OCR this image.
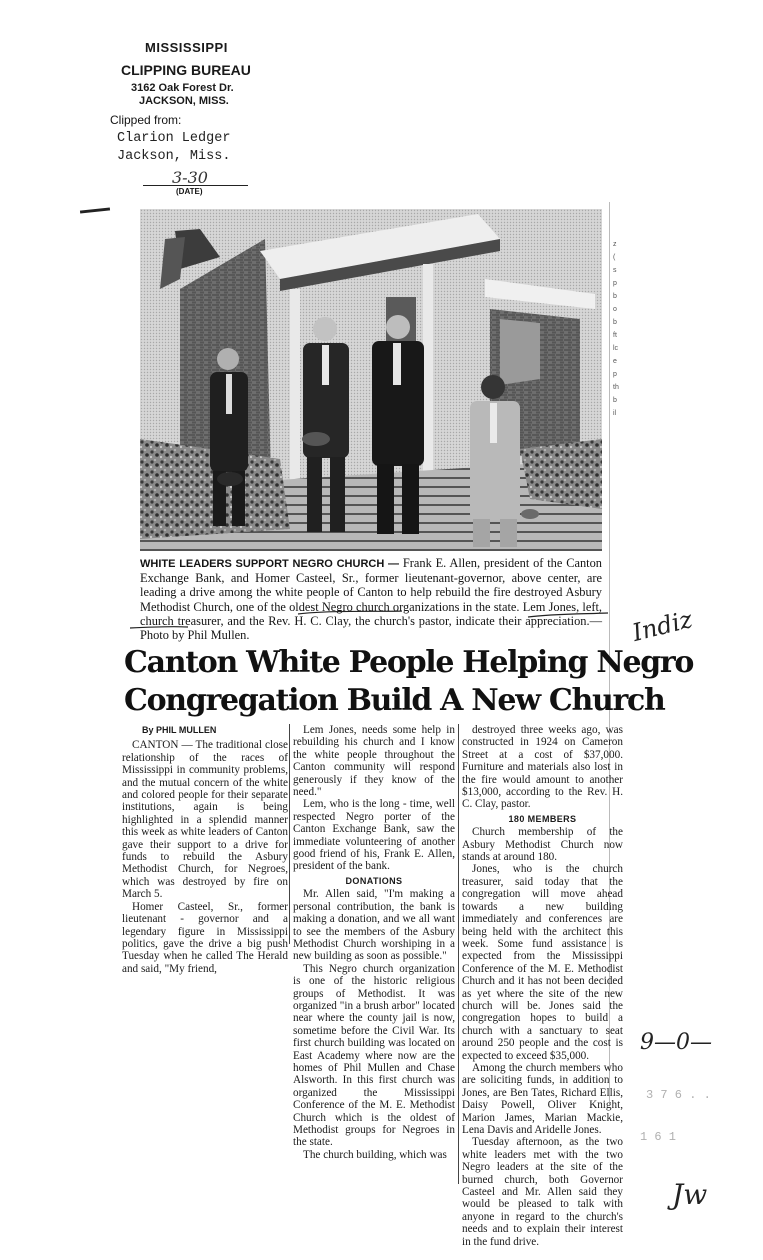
MISSISSIPPI
CLIPPING BUREAU
3162 Oak Forest Dr.
JACKSON, MISS.
Clipped from:
Clarion Ledger
Jackson, Miss.
3-30
(DATE)
z
(
s
p
b
o
b
ft
lc
e
p
th
b
il
WHITE LEADERS SUPPORT NEGRO CHURCH — Frank E. Allen, president of the Canton Exchange Bank, and Homer Casteel, Sr., former lieutenant-governor, above center, are leading a drive among the white people of Canton to help rebuild the fire destroyed Asbury Methodist Church, one of the oldest Negro church organizations in the state. Lem Jones, left, church treasurer, and the Rev. H. C. Clay, the church's pastor, indicate their appreciation.—Photo by Phil Mullen.
Canton White People Helping Negro
Congregation Build A New Church

By PHIL MULLEN

CANTON — The traditional close relationship of the races of Mississippi in community problems, and the mutual concern of the white and colored people for their separate institutions, again is being highlighted in a splendid manner this week as white leaders of Canton gave their support to a drive for funds to rebuild the Asbury Methodist Church, for Negroes, which was destroyed by fire on March 5.

Homer Casteel, Sr., former lieutenant - governor and a legendary figure in Mississippi politics, gave the drive a big push Tuesday when he called The Herald and said, "My friend,

Lem Jones, needs some help in rebuilding his church and I know the white people throughout the Canton community will respond generously if they know of the need."

Lem, who is the long - time, well respected Negro porter of the Canton Exchange Bank, saw the immediate volunteering of another good friend of his, Frank E. Allen, president of the bank.

DONATIONS

Mr. Allen said, "I'm making a personal contribution, the bank is making a donation, and we all want to see the members of the Asbury Methodist Church worshiping in a new building as soon as possible."

This Negro church organization is one of the historic religious groups of Methodist. It was organized "in a brush arbor" located near where the county jail is now, sometime before the Civil War. Its first church building was located on East Academy where now are the homes of Phil Mullen and Chase Alsworth. In this first church was organized the Mississippi Conference of the M. E. Methodist Church which is the oldest of Methodist groups for Negroes in the state.

The church building, which was

destroyed three weeks ago, was constructed in 1924 on Cameron Street at a cost of $37,000. Furniture and materials also lost in the fire would amount to another $13,000, according to the Rev. H. C. Clay, pastor.

180 MEMBERS

Church membership of the Asbury Methodist Church now stands at around 180.

Jones, who is the church treasurer, said today that the congregation will move ahead towards a new building immediately and conferences are being held with the architect this week. Some fund assistance is expected from the Mississippi Conference of the M. E. Methodist Church and it has not been decided as yet where the site of the new church will be. Jones said the congregation hopes to build a church with a sanctuary to seat around 250 people and the cost is expected to exceed $35,000.

Among the church members who are soliciting funds, in addition to Jones, are Ben Tates, Richard Ellis, Daisy Powell, Oliver Knight, Marion James, Marian Mackie, Lena Davis and Aridelle Jones.

Tuesday afternoon, as the two white leaders met with the two Negro leaders at the site of the burned church, both Governor Casteel and Mr. Allen said they would be pleased to talk with anyone in regard to the church's needs and to explain their interest in the fund drive.

Indiz
9—0—
Jw
3 7 6 . .
1 6 1
